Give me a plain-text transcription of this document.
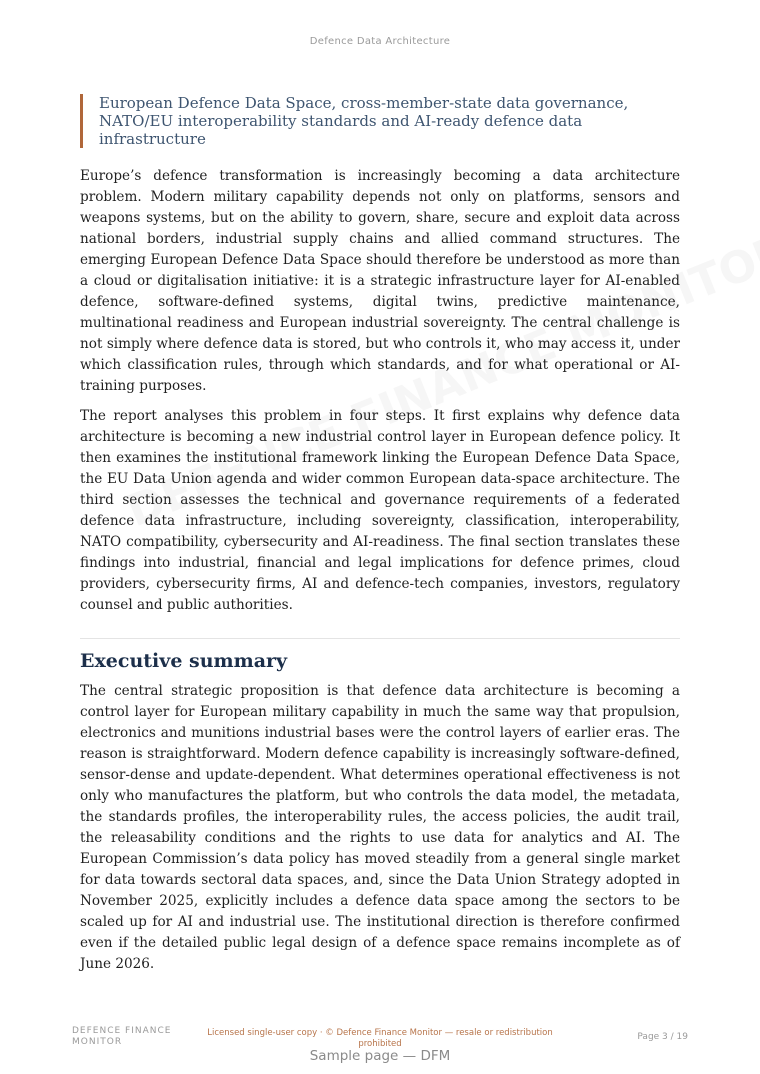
Defence Data Architecture
European Defence Data Space, cross-member-state data governance, NATO/EU interoperability standards and AI-ready defence data infrastructure

Europe’s defence transformation is increasingly becoming a data architecture problem. Modern military capability depends not only on platforms, sensors and weapons systems, but on the ability to govern, share, secure and exploit data across national borders, industrial supply chains and allied command structures. The emerging European Defence Data Space should therefore be understood as more than a cloud or digitalisation initiative: it is a strategic infrastructure layer for AI-enabled defence, software-defined systems, digital twins, predictive maintenance, multinational readiness and European industrial sovereignty. The central challenge is not simply where defence data is stored, but who controls it, who may access it, under which classification rules, through which standards, and for what operational or AI-training purposes.

The report analyses this problem in four steps. It first explains why defence data architecture is becoming a new industrial control layer in European defence policy. It then examines the institutional framework linking the European Defence Data Space, the EU Data Union agenda and wider common European data-space architecture. The third section assesses the technical and governance requirements of a federated defence data infrastructure, including sovereignty, classification, interoperability, NATO compatibility, cybersecurity and AI-readiness. The final section translates these findings into industrial, financial and legal implications for defence primes, cloud providers, cybersecurity firms, AI and defence-tech companies, investors, regulatory counsel and public authorities.

Executive summary

The central strategic proposition is that defence data architecture is becoming a control layer for European military capability in much the same way that propulsion, electronics and munitions industrial bases were the control layers of earlier eras. The reason is straightforward. Modern defence capability is increasingly software-defined, sensor-dense and update-dependent. What determines operational effectiveness is not only who manufactures the platform, but who controls the data model, the metadata, the standards profiles, the interoperability rules, the access policies, the audit trail, the releasability conditions and the rights to use data for analytics and AI. The European Commission’s data policy has moved steadily from a general single market for data towards sectoral data spaces, and, since the Data Union Strategy adopted in November 2025, explicitly includes a defence data space among the sectors to be scaled up for AI and industrial use. The institutional direction is therefore confirmed even if the detailed public legal design of a defence space remains incomplete as of June 2026.

DEFENCE FINANCE MONITOR
Licensed single-user copy · © Defence Finance Monitor — resale or redistribution prohibited
Page 3 / 19
Sample page — DFM
